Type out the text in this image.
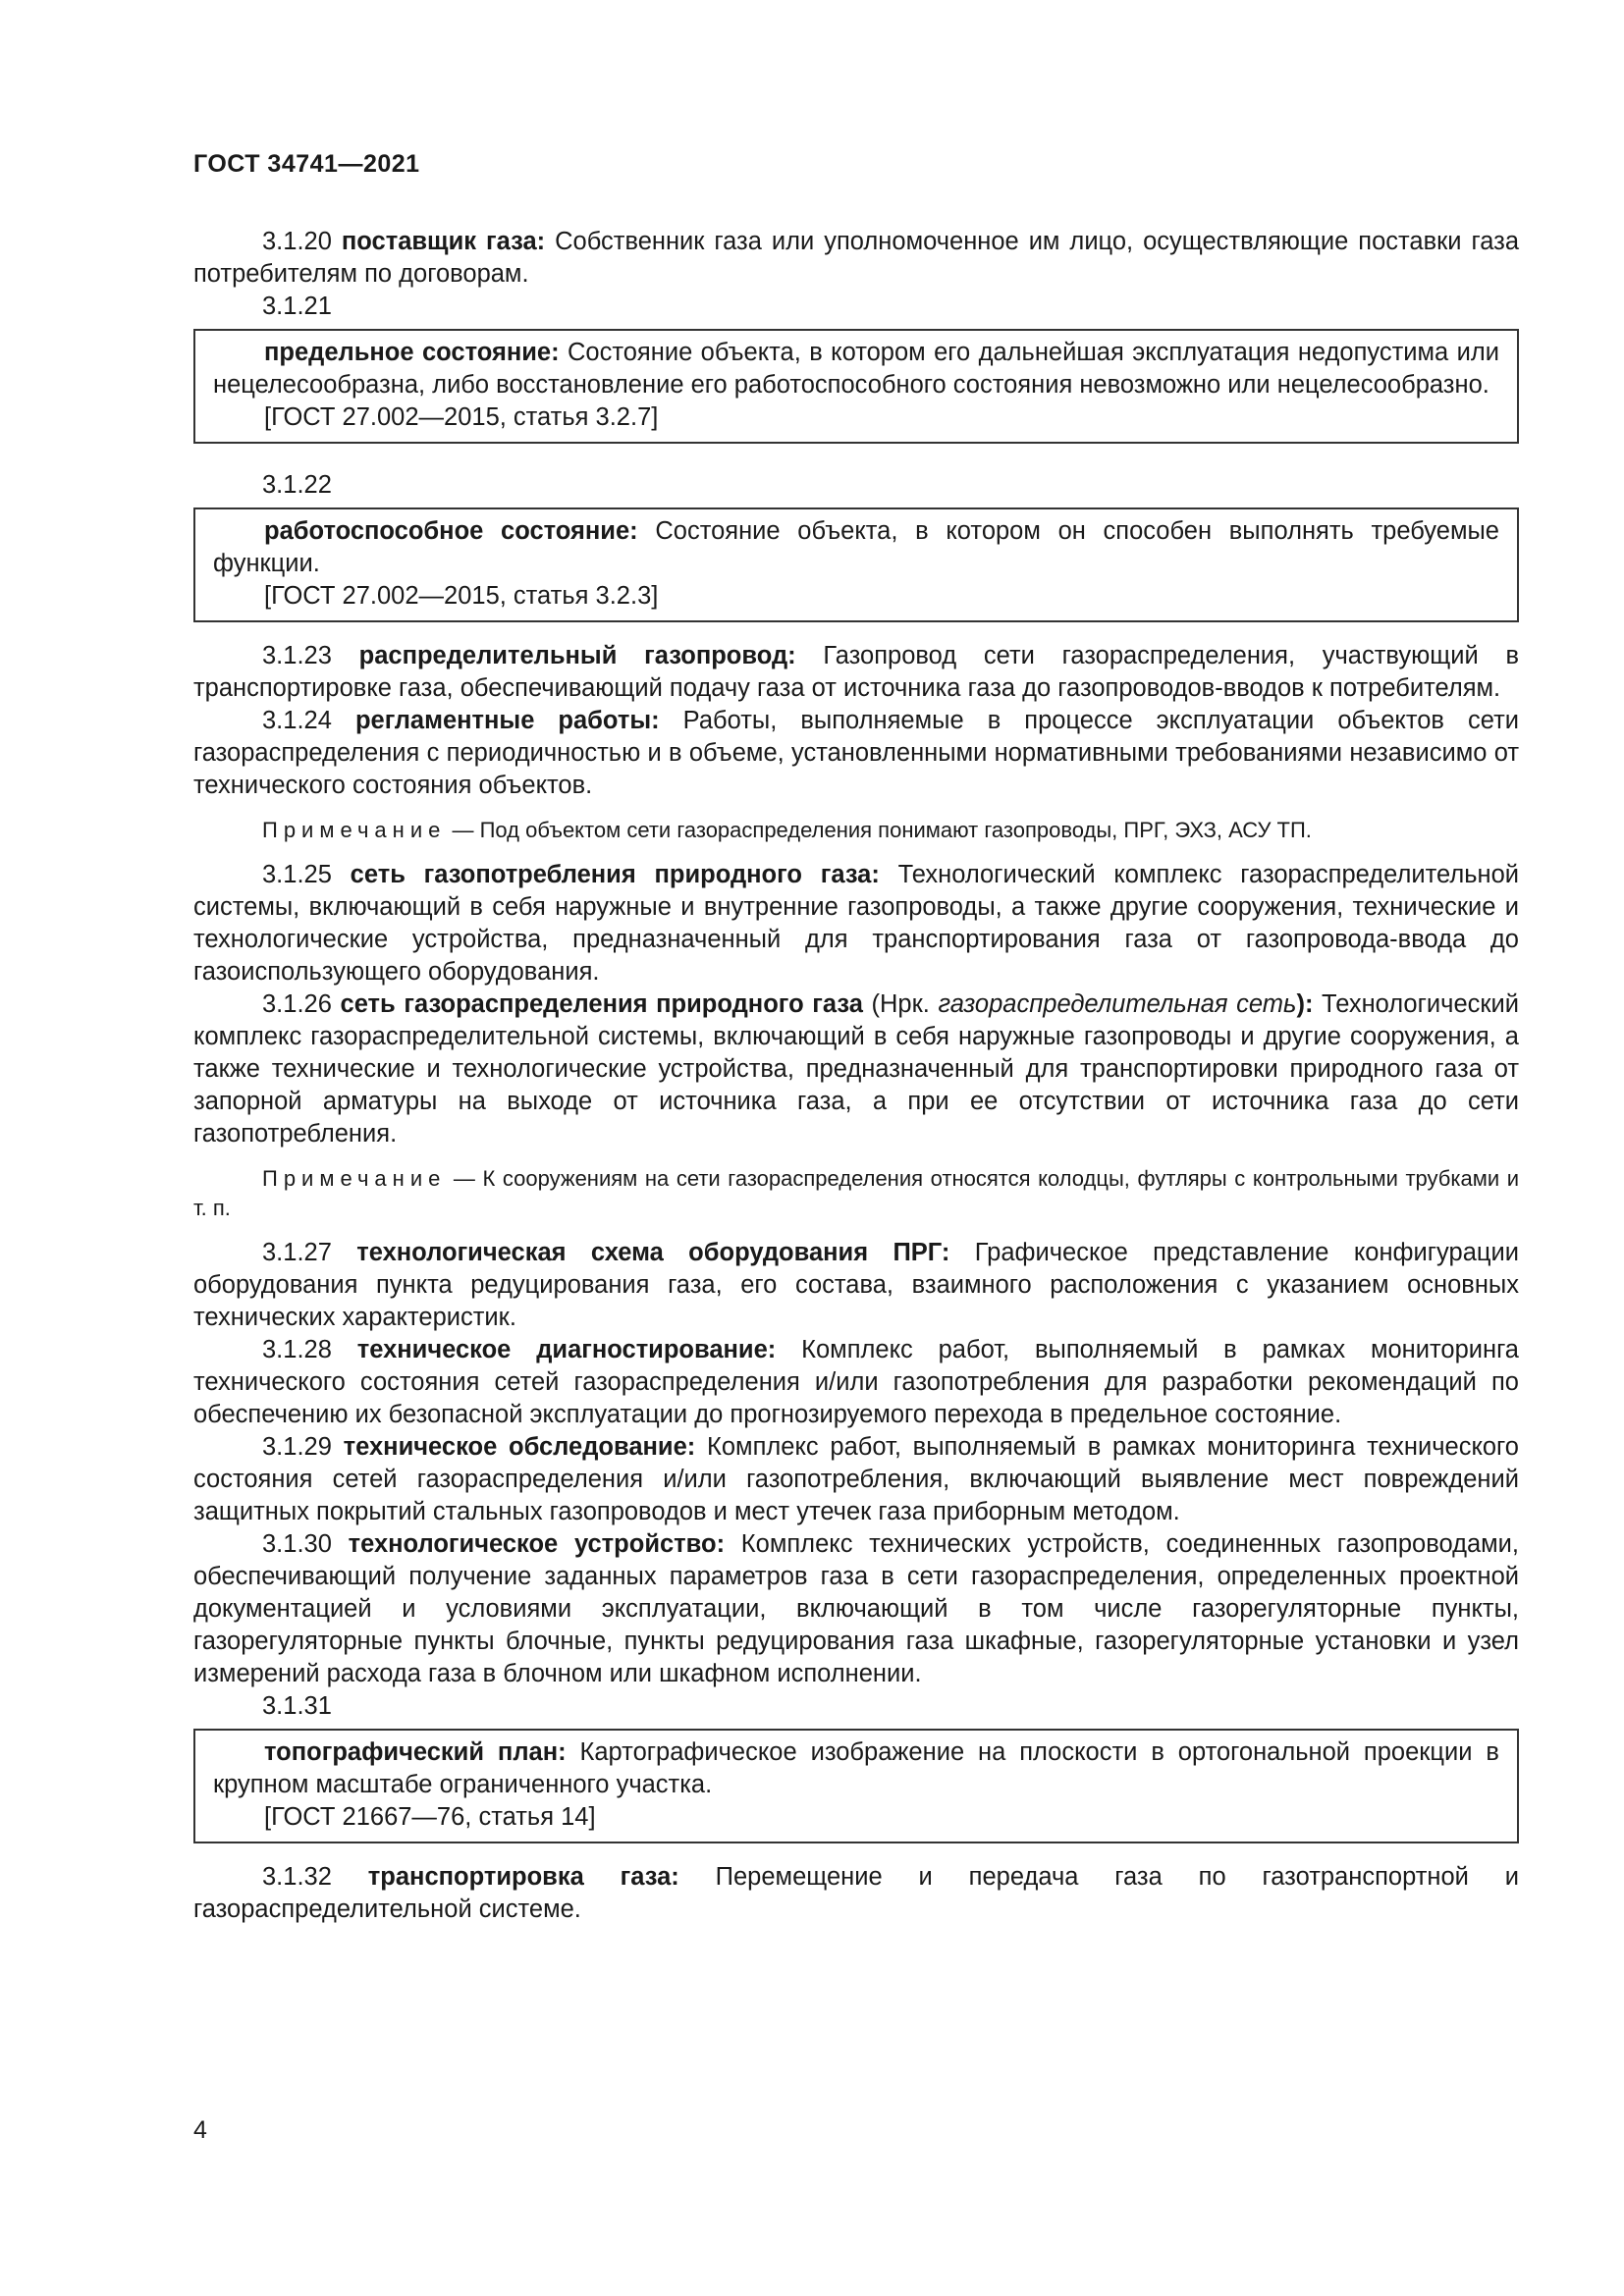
ГОСТ 34741—2021

3.1.20 поставщик газа: Собственник газа или уполномоченное им лицо, осуществляющие поставки газа потребителям по договорам.

3.1.21

предельное состояние: Состояние объекта, в котором его дальнейшая эксплуатация недопустима или нецелесообразна, либо восстановление его работоспособного состояния невозможно или нецелесообразно.

[ГОСТ 27.002—2015, статья 3.2.7]

3.1.22

работоспособное состояние: Состояние объекта, в котором он способен выполнять требуемые функции.

[ГОСТ 27.002—2015, статья 3.2.3]

3.1.23 распределительный газопровод: Газопровод сети газораспределения, участвующий в транспортировке газа, обеспечивающий подачу газа от источника газа до газопроводов-вводов к потребителям.

3.1.24 регламентные работы: Работы, выполняемые в процессе эксплуатации объектов сети газораспределения с периодичностью и в объеме, установленными нормативными требованиями независимо от технического состояния объектов.

Примечание — Под объектом сети газораспределения понимают газопроводы, ПРГ, ЭХЗ, АСУ ТП.

3.1.25 сеть газопотребления природного газа: Технологический комплекс газораспределительной системы, включающий в себя наружные и внутренние газопроводы, а также другие сооружения, технические и технологические устройства, предназначенный для транспортирования газа от газопровода-ввода до газоиспользующего оборудования.

3.1.26 сеть газораспределения природного газа (Нрк. газораспределительная сеть): Технологический комплекс газораспределительной системы, включающий в себя наружные газопроводы и другие сооружения, а также технические и технологические устройства, предназначенный для транспортировки природного газа от запорной арматуры на выходе от источника газа, а при ее отсутствии от источника газа до сети газопотребления.

Примечание — К сооружениям на сети газораспределения относятся колодцы, футляры с контрольными трубками и т. п.

3.1.27 технологическая схема оборудования ПРГ: Графическое представление конфигурации оборудования пункта редуцирования газа, его состава, взаимного расположения с указанием основных технических характеристик.

3.1.28 техническое диагностирование: Комплекс работ, выполняемый в рамках мониторинга технического состояния сетей газораспределения и/или газопотребления для разработки рекомендаций по обеспечению их безопасной эксплуатации до прогнозируемого перехода в предельное состояние.

3.1.29 техническое обследование: Комплекс работ, выполняемый в рамках мониторинга технического состояния сетей газораспределения и/или газопотребления, включающий выявление мест повреждений защитных покрытий стальных газопроводов и мест утечек газа приборным методом.

3.1.30 технологическое устройство: Комплекс технических устройств, соединенных газопроводами, обеспечивающий получение заданных параметров газа в сети газораспределения, определенных проектной документацией и условиями эксплуатации, включающий в том числе газорегуляторные пункты, газорегуляторные пункты блочные, пункты редуцирования газа шкафные, газорегуляторные установки и узел измерений расхода газа в блочном или шкафном исполнении.

3.1.31

топографический план: Картографическое изображение на плоскости в ортогональной проекции в крупном масштабе ограниченного участка.

[ГОСТ 21667—76, статья 14]

3.1.32 транспортировка газа: Перемещение и передача газа по газотранспортной и газораспределительной системе.

4
